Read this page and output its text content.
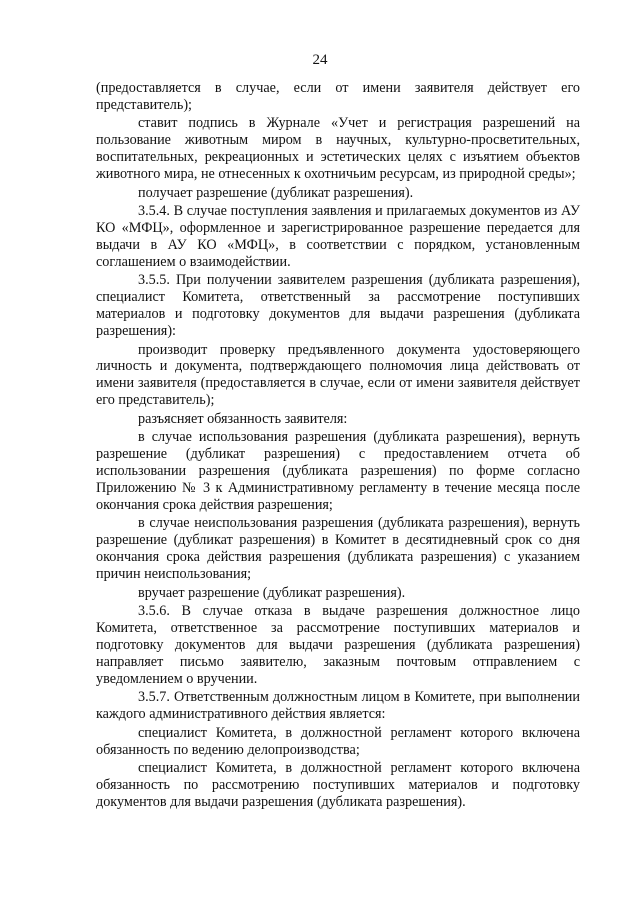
24

(предоставляется в случае, если от имени заявителя действует его представитель);

ставит подпись в Журнале «Учет и регистрация разрешений на пользование животным миром в научных, культурно-просветительных, воспитательных, рекреационных и эстетических целях с изъятием объектов животного мира, не отнесенных к охотничьим ресурсам, из природной среды»;

получает разрешение (дубликат разрешения).

3.5.4. В случае поступления заявления и прилагаемых документов из АУ КО «МФЦ», оформленное и зарегистрированное разрешение передается для выдачи в АУ КО «МФЦ», в соответствии с порядком, установленным соглашением о взаимодействии.

3.5.5. При получении заявителем разрешения (дубликата разрешения), специалист Комитета, ответственный за рассмотрение поступивших материалов и подготовку документов для выдачи разрешения (дубликата разрешения):

производит проверку предъявленного документа удостоверяющего личность и документа, подтверждающего полномочия лица действовать от имени заявителя (предоставляется в случае, если от имени заявителя действует его представитель);

разъясняет обязанность заявителя:

в случае использования разрешения (дубликата разрешения), вернуть разрешение (дубликат разрешения) с предоставлением отчета об использовании разрешения (дубликата разрешения) по форме согласно Приложению № 3 к Административному регламенту в течение месяца после окончания срока действия разрешения;

в случае неиспользования разрешения (дубликата разрешения), вернуть разрешение (дубликат разрешения) в Комитет в десятидневный срок со дня окончания срока действия разрешения (дубликата разрешения) с указанием причин неиспользования;

вручает разрешение (дубликат разрешения).

3.5.6. В случае отказа в выдаче разрешения должностное лицо Комитета, ответственное за рассмотрение поступивших материалов и подготовку документов для выдачи разрешения (дубликата разрешения) направляет письмо заявителю, заказным почтовым отправлением с уведомлением о вручении.

3.5.7. Ответственным должностным лицом в Комитете, при выполнении каждого административного действия является:

специалист Комитета, в должностной регламент которого включена обязанность по ведению делопроизводства;

специалист Комитета, в должностной регламент которого включена обязанность по рассмотрению поступивших материалов и подготовку документов для выдачи разрешения (дубликата разрешения).
